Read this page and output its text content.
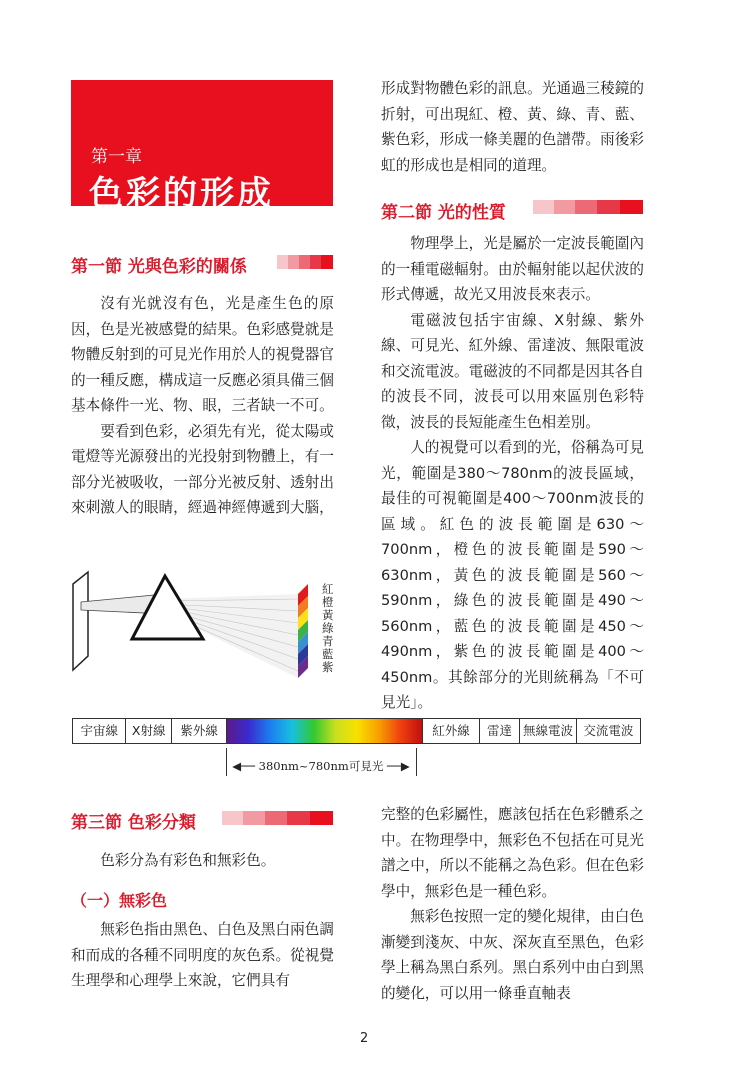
第一章
色彩的形成
第一節 光與色彩的關係

沒有光就沒有色，光是產生色的原因，色是光被感覺的結果。色彩感覺就是物體反射到的可見光作用於人的視覺器官的一種反應，構成這一反應必須具備三個基本條件一光、物、眼，三者缺一不可。

要看到色彩，必須先有光，從太陽或電燈等光源發出的光投射到物體上，有一部分光被吸收，一部分光被反射、透射出來刺激人的眼睛，經過神經傳遞到大腦，

紅
橙
黃
綠
青
藍
紫

形成對物體色彩的訊息。光通過三稜鏡的折射，可出現紅、橙、黃、綠、青、藍、紫色彩，形成一條美麗的色譜帶。雨後彩虹的形成也是相同的道理。

第二節 光的性質

物理學上，光是屬於一定波長範圍內的一種電磁輻射。由於輻射能以起伏波的形式傳遞，故光又用波長來表示。

電磁波包括宇宙線、X射線、紫外線、可見光、紅外線、雷達波、無限電波和交流電波。電磁波的不同都是因其各自的波長不同，波長可以用來區別色彩特徵，波長的長短能產生色相差別。

人的視覺可以看到的光，俗稱為可見光，範圍是380～780nm的波長區域，最佳的可視範圍是400～700nm波長的區域。紅色的波長範圍是630～700nm，橙色的波長範圍是590～630nm，黃色的波長範圍是560～590nm，綠色的波長範圍是490～560nm，藍色的波長範圍是450～490nm，紫色的波長範圍是400～450nm。其餘部分的光則統稱為「不可見光」。

宇宙線	X射線	紫外線	紅外線	雷達 無線電波 交流電波
◀── 380nm~780nm可見光 ──▶
第三節 色彩分類

色彩分為有彩色和無彩色。

（一）無彩色

無彩色指由黑色、白色及黑白兩色調和而成的各種不同明度的灰色系。從視覺生理學和心理學上來說，它們具有

完整的色彩屬性，應該包括在色彩體系之中。在物理學中，無彩色不包括在可見光譜之中，所以不能稱之為色彩。但在色彩學中，無彩色是一種色彩。

無彩色按照一定的變化規律，由白色漸變到淺灰、中灰、深灰直至黑色，色彩學上稱為黑白系列。黑白系列中由白到黑的變化，可以用一條垂直軸表

2
